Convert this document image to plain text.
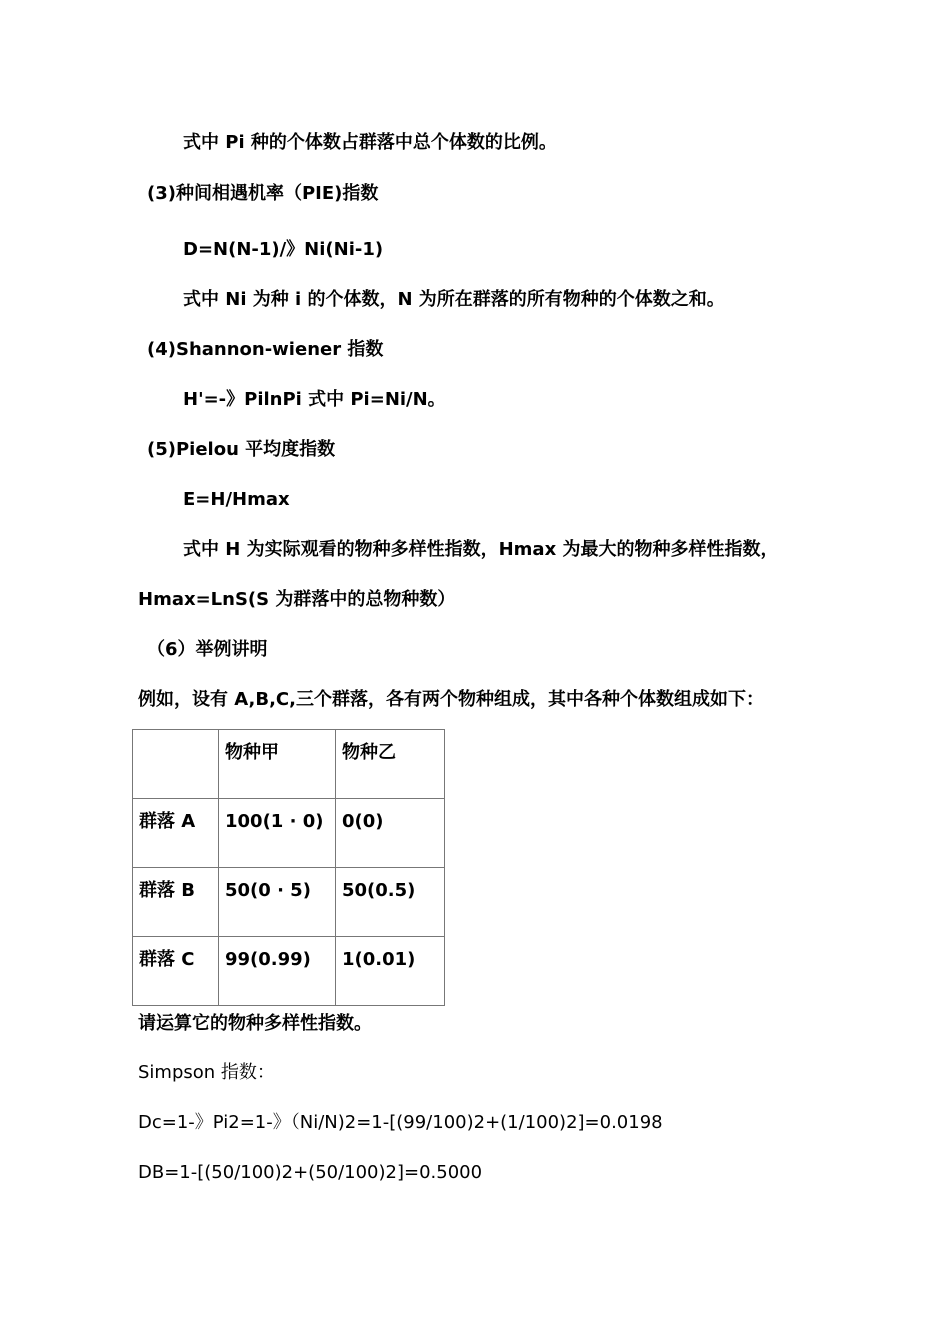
式中 Pi 种的个体数占群落中总个体数的比例。
(3)种间相遇机率（PIE)指数
D=N(N-1)/》Ni(Ni-1)
式中 Ni 为种 i 的个体数，N 为所在群落的所有物种的个体数之和。
(4)Shannon-wiener 指数
H'=-》PilnPi 式中 Pi=Ni/N。
(5)Pielou 平均度指数
E=H/Hmax
式中 H 为实际观看的物种多样性指数，Hmax 为最大的物种多样性指数，
Hmax=LnS(S 为群落中的总物种数）
（6）举例讲明
例如，设有 A,B,C,三个群落，各有两个物种组成，其中各种个体数组成如下：
	物种甲	物种乙
群落 A	100(1 · 0)	0(0)
群落 B	50(0 · 5)	50(0.5)
群落 C	99(0.99)	1(0.01)
请运算它的物种多样性指数。
Simpson 指数：
Dc=1-》Pi2=1-》（Ni/N)2=1-[(99/100)2+(1/100)2]=0.0198
DB=1-[(50/100)2+(50/100)2]=0.5000
